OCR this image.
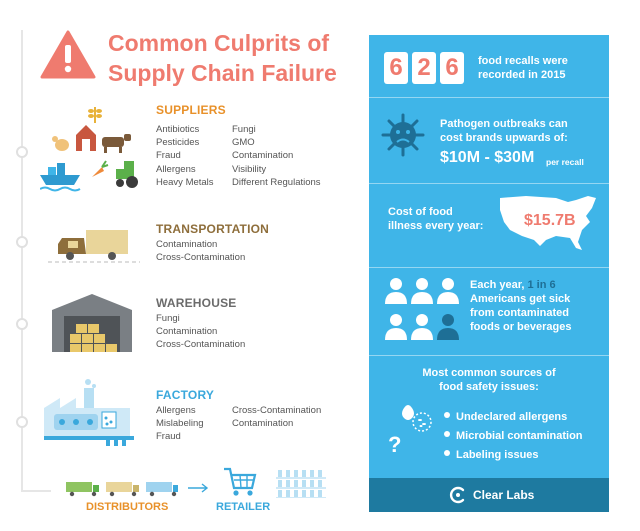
Common Culprits of
Supply Chain Failure
SUPPLIERS
Antibiotics
Pesticides
Fraud
Allergens
Heavy Metals
Fungi
GMO
Contamination
Visibility
Different Regulations
TRANSPORTATION
Contamination
Cross-Contamination
WAREHOUSE
Fungi
Contamination
Cross-Contamination
FACTORY
Allergens
Mislabeling
Fraud
Cross-Contamination
Contamination
DISTRIBUTORS	RETAILER
6 2 6	food recalls were
recorded in 2015
Pathogen outbreaks can
cost brands upwards of:
$10M - $30M per recall
Cost of food
illness every year:	$15.7B
Each year, 1 in 6
Americans get sick
from contaminated
foods or beverages
Most common sources of
food safety issues:
?
Undeclared allergens
Microbial contamination
Labeling issues
Clear Labs
